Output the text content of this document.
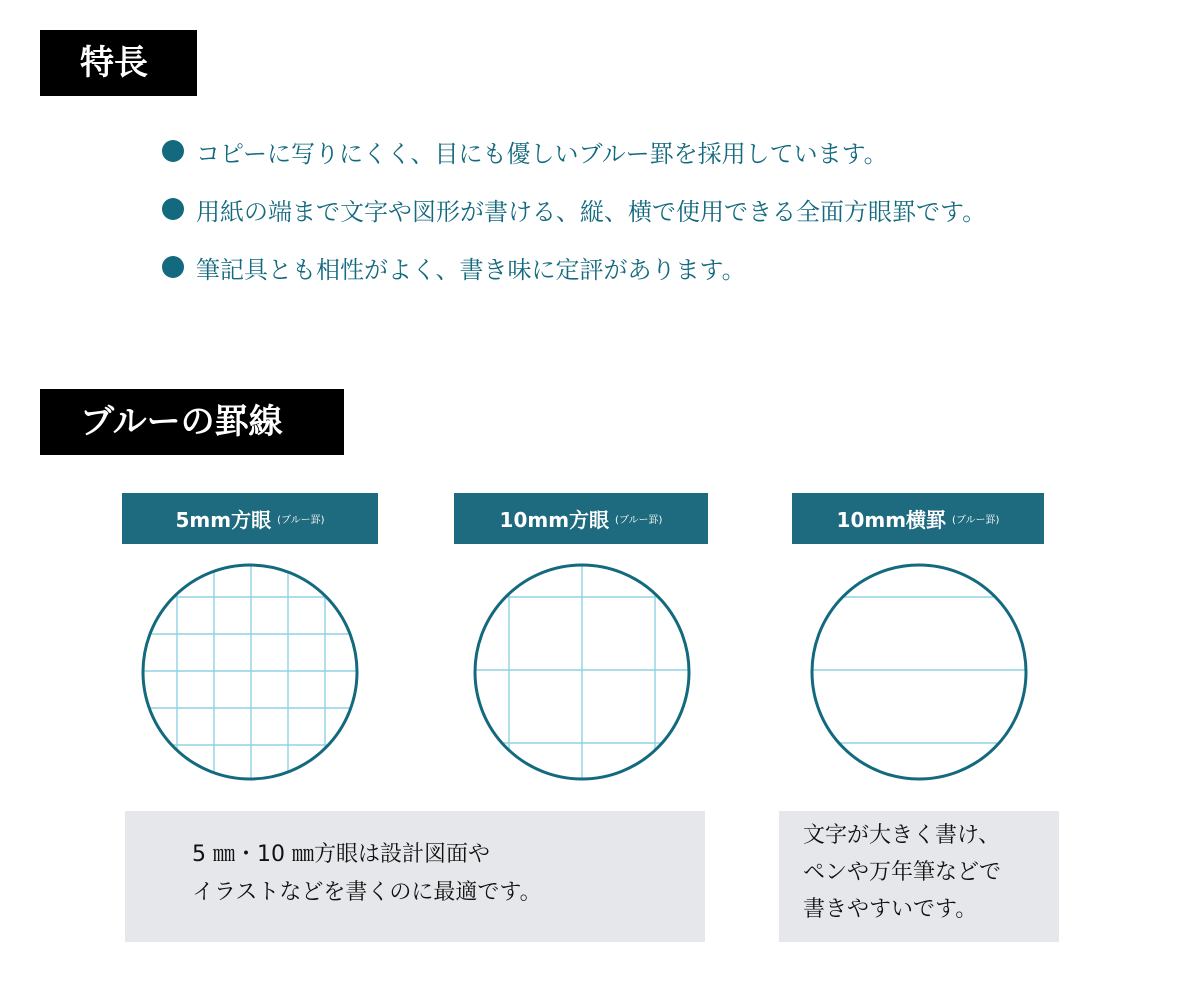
特長
コピーに写りにくく、目にも優しいブルー罫を採用しています。
用紙の端まで文字や図形が書ける、縦、横で使用できる全面方眼罫です。
筆記具とも相性がよく、書き味に定評があります。
ブルーの罫線
5mm方眼 (ブルー罫)	10mm方眼 (ブルー罫)	10mm横罫 (ブルー罫)
5 ㎜・10 ㎜方眼は設計図面や
イラストなどを書くのに最適です。
文字が大きく書け、
ペンや万年筆などで
書きやすいです。
